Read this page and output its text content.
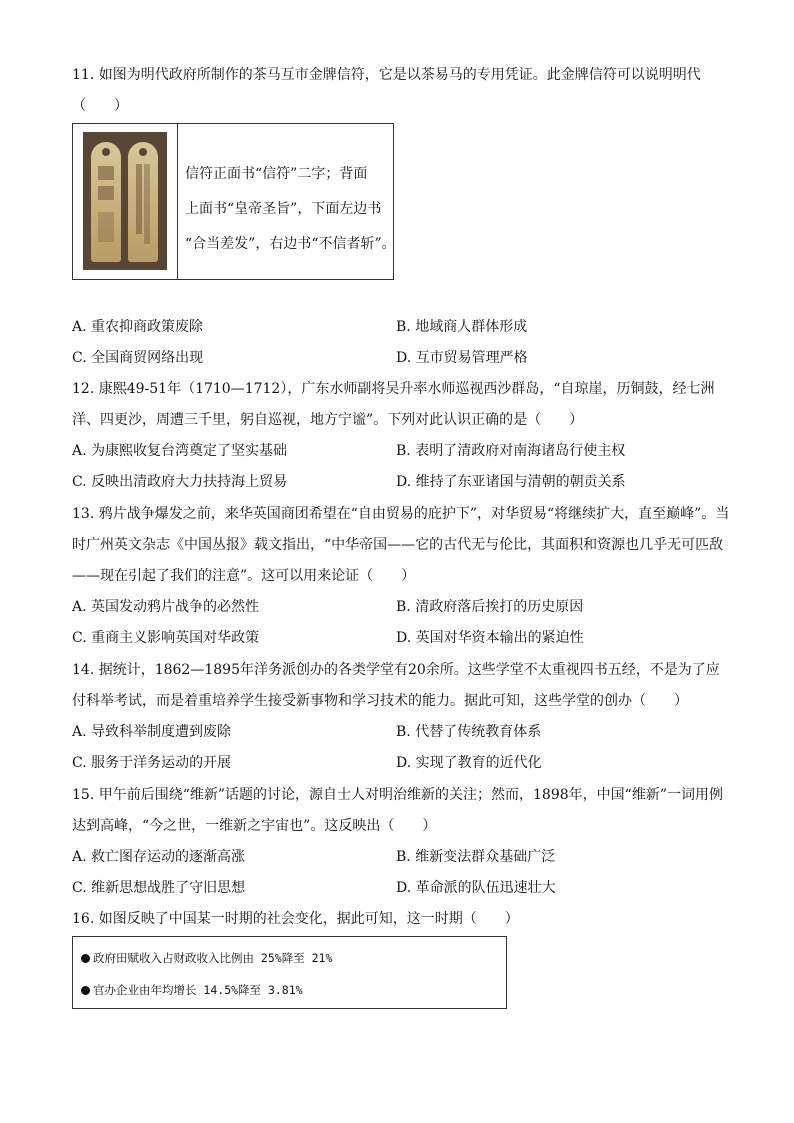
11. 如图为明代政府所制作的茶马互市金牌信符，它是以茶易马的专用凭证。此金牌信符可以说明明代（　　）

信符正面书“信符”二字；背面
上面书“皇帝圣旨”，下面左边书
“合当差发”，右边书“不信者斩”。
A. 重农抑商政策废除	B. 地域商人群体形成
C. 全国商贸网络出现	D. 互市贸易管理严格

12. 康熙49-51年（1710—1712），广东水师副将吴升率水师巡视西沙群岛，“自琼崖，历铜鼓，经七洲洋、四更沙，周遭三千里，躬自巡视，地方宁谧”。下列对此认识正确的是（　　）

A. 为康熙收复台湾奠定了坚实基础	B. 表明了清政府对南海诸岛行使主权
C. 反映出清政府大力扶持海上贸易	D. 维持了东亚诸国与清朝的朝贡关系

13. 鸦片战争爆发之前，来华英国商团希望在“自由贸易的庇护下”，对华贸易“将继续扩大，直至巅峰”。当时广州英文杂志《中国丛报》载文指出，“中华帝国——它的古代无与伦比，其面积和资源也几乎无可匹敌——现在引起了我们的注意”。这可以用来论证（　　）

A. 英国发动鸦片战争的必然性	B. 清政府落后挨打的历史原因
C. 重商主义影响英国对华政策	D. 英国对华资本输出的紧迫性

14. 据统计，1862—1895年洋务派创办的各类学堂有20余所。这些学堂不太重视四书五经，不是为了应付科举考试，而是着重培养学生接受新事物和学习技术的能力。据此可知，这些学堂的创办（　　）

A. 导致科举制度遭到废除	B. 代替了传统教育体系
C. 服务于洋务运动的开展	D. 实现了教育的近代化

15. 甲午前后围绕“维新”话题的讨论，源自士人对明治维新的关注；然而，1898年，中国“维新”一词用例达到高峰，“今之世，一维新之宇宙也”。这反映出（　　）

A. 救亡图存运动的逐渐高涨	B. 维新变法群众基础广泛
C. 维新思想战胜了守旧思想	D. 革命派的队伍迅速壮大

16. 如图反映了中国某一时期的社会变化，据此可知，这一时期（　　）

政府田赋收入占财政收入比例由 25%降至 21%
官办企业由年均增长 14.5%降至 3.81%
